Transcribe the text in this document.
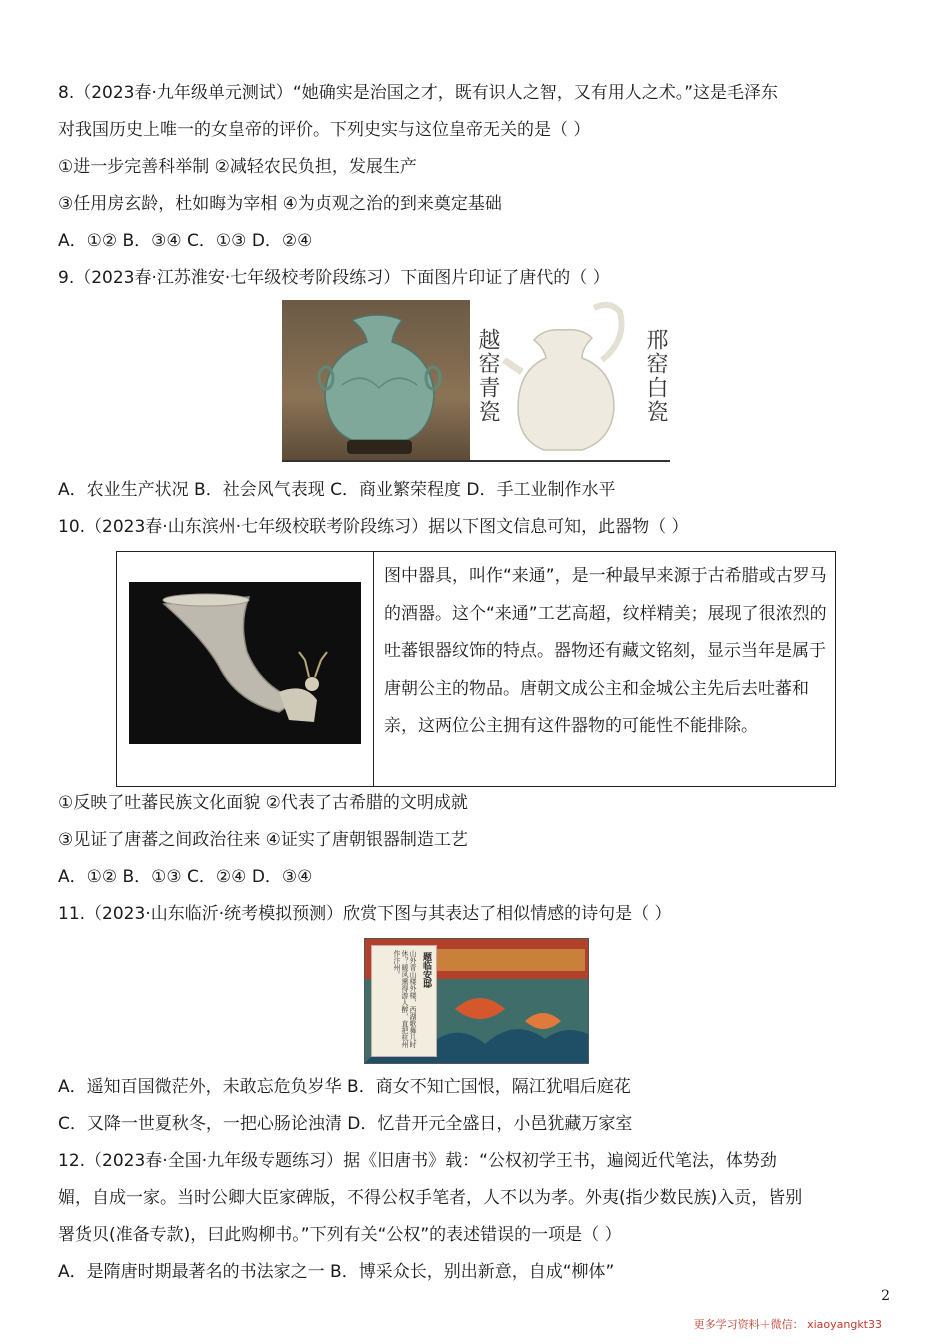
8.（2023春·九年级单元测试）“她确实是治国之才，既有识人之智，又有用人之术。”这是毛泽东
对我国历史上唯一的女皇帝的评价。下列史实与这位皇帝无关的是（ ）
①进一步完善科举制 ②减轻农民负担，发展生产
③任用房玄龄，杜如晦为宰相 ④为贞观之治的到来奠定基础
A．①② B．③④ C．①③ D．②④
9.（2023春·江苏淮安·七年级校考阶段练习）下面图片印证了唐代的（ ）
越窑青瓷	邢窑白瓷
A．农业生产状况 B．社会风气表现 C．商业繁荣程度 D．手工业制作水平
10.（2023春·山东滨州·七年级校联考阶段练习）据以下图文信息可知，此器物（ ）

图中器具，叫作“来通”，是一种最早来源于古希腊或古罗马的酒器。这个“来通”工艺高超，纹样精美；展现了很浓烈的吐蕃银器纹饰的特点。器物还有藏文铭刻，显示当年是属于唐朝公主的物品。唐朝文成公主和金城公主先后去吐蕃和亲，这两位公主拥有这件器物的可能性不能排除。
①反映了吐蕃民族文化面貌 ②代表了古希腊的文明成就
③见证了唐蕃之间政治往来 ④证实了唐朝银器制造工艺
A．①② B．①③ C．②④ D．③④
11.（2023·山东临沂·统考模拟预测）欣赏下图与其表达了相似情感的诗句是（ ）
题临安邸
山外青山楼外楼，西湖歌舞几时休？暖风熏得游人醉，直把杭州作汴州。
A．遥知百国微茫外，未敢忘危负岁华 B．商女不知亡国恨，隔江犹唱后庭花
C．又降一世夏秋冬，一把心肠论浊清 D．忆昔开元全盛日，小邑犹藏万家室
12.（2023春·全国·九年级专题练习）据《旧唐书》载：“公权初学王书，遍阅近代笔法，体势劲
媚，自成一家。当时公卿大臣家碑版，不得公权手笔者，人不以为孝。外夷(指少数民族)入贡，皆别
署货贝(准备专款)，曰此购柳书。”下列有关“公权”的表述错误的一项是（ ）
A．是隋唐时期最著名的书法家之一 B．博采众长，别出新意，自成“柳体”
2
更多学习资料＋微信： xiaoyangkt33
